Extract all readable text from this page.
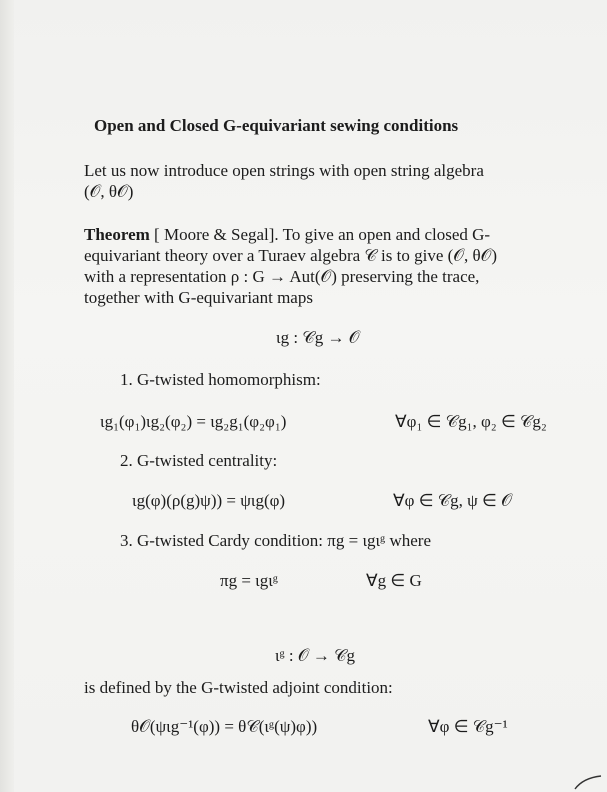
Open and Closed G-equivariant sewing conditions
Let us now introduce open strings with open string algebra
(𝒪, θ𝒪)
Theorem [ Moore & Segal]. To give an open and closed G-
equivariant theory over a Turaev algebra 𝒞 is to give (𝒪, θ𝒪)
with a representation ρ : G → Aut(𝒪) preserving the trace,
together with G-equivariant maps
ιg : 𝒞g → 𝒪
1. G-twisted homomorphism:
ιg₁(φ₁)ιg₂(φ₂) = ιg₂g₁(φ₂φ₁)	∀φ₁ ∈ 𝒞g₁, φ₂ ∈ 𝒞g₂
2. G-twisted centrality:
ιg(φ)(ρ(g)ψ)) = ψιg(φ)	∀φ ∈ 𝒞g, ψ ∈ 𝒪
3. G-twisted Cardy condition: πg = ιgιᵍ where
πg = ιgιᵍ	∀g ∈ G
ιᵍ : 𝒪 → 𝒞g
is defined by the G-twisted adjoint condition:
θ𝒪(ψιg⁻¹(φ)) = θ𝒞(ιᵍ(ψ)φ))	∀φ ∈ 𝒞g⁻¹
